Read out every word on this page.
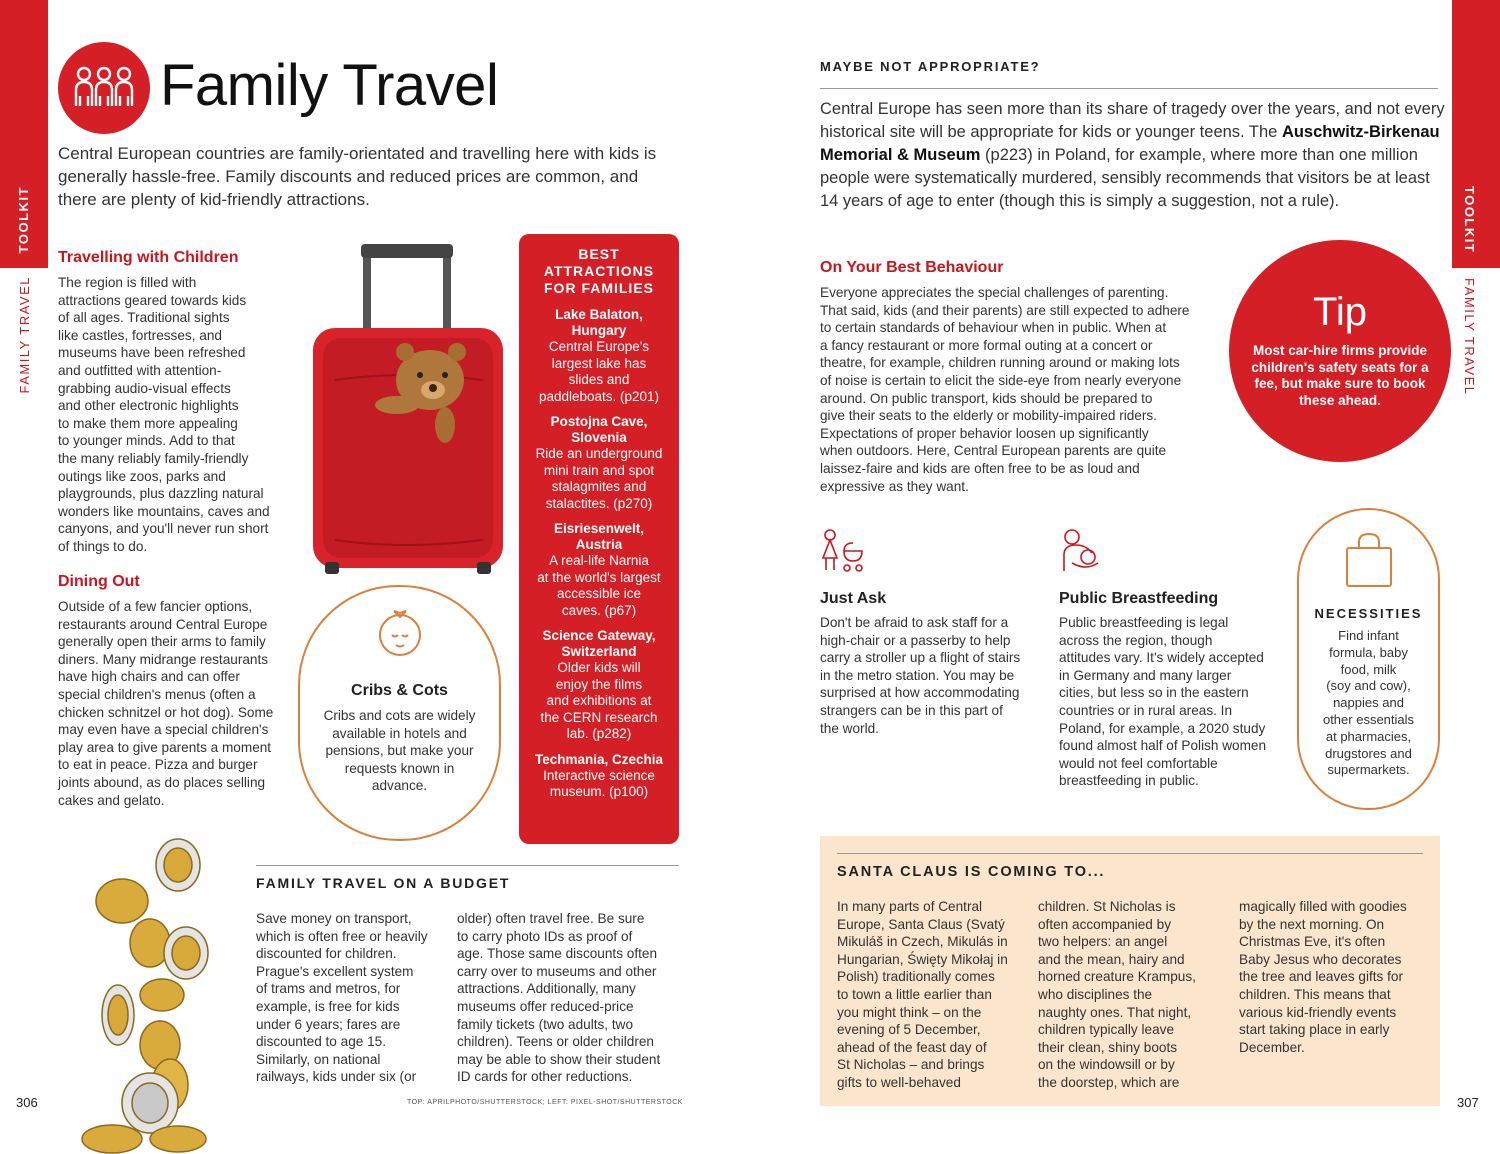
TOOLKIT
FAMILY TRAVEL
TOOLKIT
FAMILY TRAVEL
Family Travel
Central European countries are family-orientated and travelling here with kids is generally hassle-free. Family discounts and reduced prices are common, and there are plenty of kid-friendly attractions.
Travelling with Children
The region is filled with
attractions geared towards kids
of all ages. Traditional sights
like castles, fortresses, and
museums have been refreshed
and outfitted with attention-
grabbing audio-visual effects
and other electronic highlights
to make them more appealing
to younger minds. Add to that
the many reliably family-friendly
outings like zoos, parks and
playgrounds, plus dazzling natural
wonders like mountains, caves and
canyons, and you'll never run short
of things to do.
Dining Out
Outside of a few fancier options,
restaurants around Central Europe
generally open their arms to family
diners. Many midrange restaurants
have high chairs and can offer
special children's menus (often a
chicken schnitzel or hot dog). Some
may even have a special children's
play area to give parents a moment
to eat in peace. Pizza and burger
joints abound, as do places selling
cakes and gelato.
Cribs & Cots
Cribs and cots are widely
available in hotels and
pensions, but make your
requests known in
advance.
BEST
ATTRACTIONS
FOR FAMILIES
Lake Balaton,
Hungary
Central Europe's
largest lake has
slides and
paddleboats. (p201)
Postojna Cave,
Slovenia
Ride an underground
mini train and spot
stalagmites and
stalactites. (p270)
Eisriesenwelt,
Austria
A real-life Narnia
at the world's largest
accessible ice
caves. (p67)
Science Gateway,
Switzerland
Older kids will
enjoy the films
and exhibitions at
the CERN research
lab. (p282)
Techmania, Czechia
Interactive science
museum. (p100)
FAMILY TRAVEL ON A BUDGET
Save money on transport,
which is often free or heavily
discounted for children.
Prague's excellent system
of trams and metros, for
example, is free for kids
under 6 years; fares are
discounted to age 15.
Similarly, on national
railways, kids under six (or
older) often travel free. Be sure
to carry photo IDs as proof of
age. Those same discounts often
carry over to museums and other
attractions. Additionally, many
museums offer reduced-price
family tickets (two adults, two
children). Teens or older children
may be able to show their student
ID cards for other reductions.
TOP: APRILPHOTO/SHUTTERSTOCK; LEFT: PIXEL-SHOT/SHUTTERSTOCK
306
MAYBE NOT APPROPRIATE?
Central Europe has seen more than its share of tragedy over the years, and not every
historical site will be appropriate for kids or younger teens. The Auschwitz-Birkenau
Memorial & Museum (p223) in Poland, for example, where more than one million
people were systematically murdered, sensibly recommends that visitors be at least
14 years of age to enter (though this is simply a suggestion, not a rule).
On Your Best Behaviour
Everyone appreciates the special challenges of parenting.
That said, kids (and their parents) are still expected to adhere
to certain standards of behaviour when in public. When at
a fancy restaurant or more formal outing at a concert or
theatre, for example, children running around or making lots
of noise is certain to elicit the side-eye from nearly everyone
around. On public transport, kids should be prepared to
give their seats to the elderly or mobility-impaired riders.
Expectations of proper behavior loosen up significantly
when outdoors. Here, Central European parents are quite
laissez-faire and kids are often free to be as loud and
expressive as they want.
Tip
Most car-hire firms provide
children's safety seats for a
fee, but make sure to book
these ahead.
Just Ask
Don't be afraid to ask staff for a
high-chair or a passerby to help
carry a stroller up a flight of stairs
in the metro station. You may be
surprised at how accommodating
strangers can be in this part of
the world.
Public Breastfeeding
Public breastfeeding is legal
across the region, though
attitudes vary. It's widely accepted
in Germany and many larger
cities, but less so in the eastern
countries or in rural areas. In
Poland, for example, a 2020 study
found almost half of Polish women
would not feel comfortable
breastfeeding in public.
NECESSITIES
Find infant
formula, baby
food, milk
(soy and cow),
nappies and
other essentials
at pharmacies,
drugstores and
supermarkets.
SANTA CLAUS IS COMING TO...
In many parts of Central
Europe, Santa Claus (Svatý
Mikuláš in Czech, Mikulás in
Hungarian, Święty Mikołaj in
Polish) traditionally comes
to town a little earlier than
you might think – on the
evening of 5 December,
ahead of the feast day of
St Nicholas – and brings
gifts to well-behaved
children. St Nicholas is
often accompanied by
two helpers: an angel
and the mean, hairy and
horned creature Krampus,
who disciplines the
naughty ones. That night,
children typically leave
their clean, shiny boots
on the windowsill or by
the doorstep, which are
magically filled with goodies
by the next morning. On
Christmas Eve, it's often
Baby Jesus who decorates
the tree and leaves gifts for
children. This means that
various kid-friendly events
start taking place in early
December.
307
